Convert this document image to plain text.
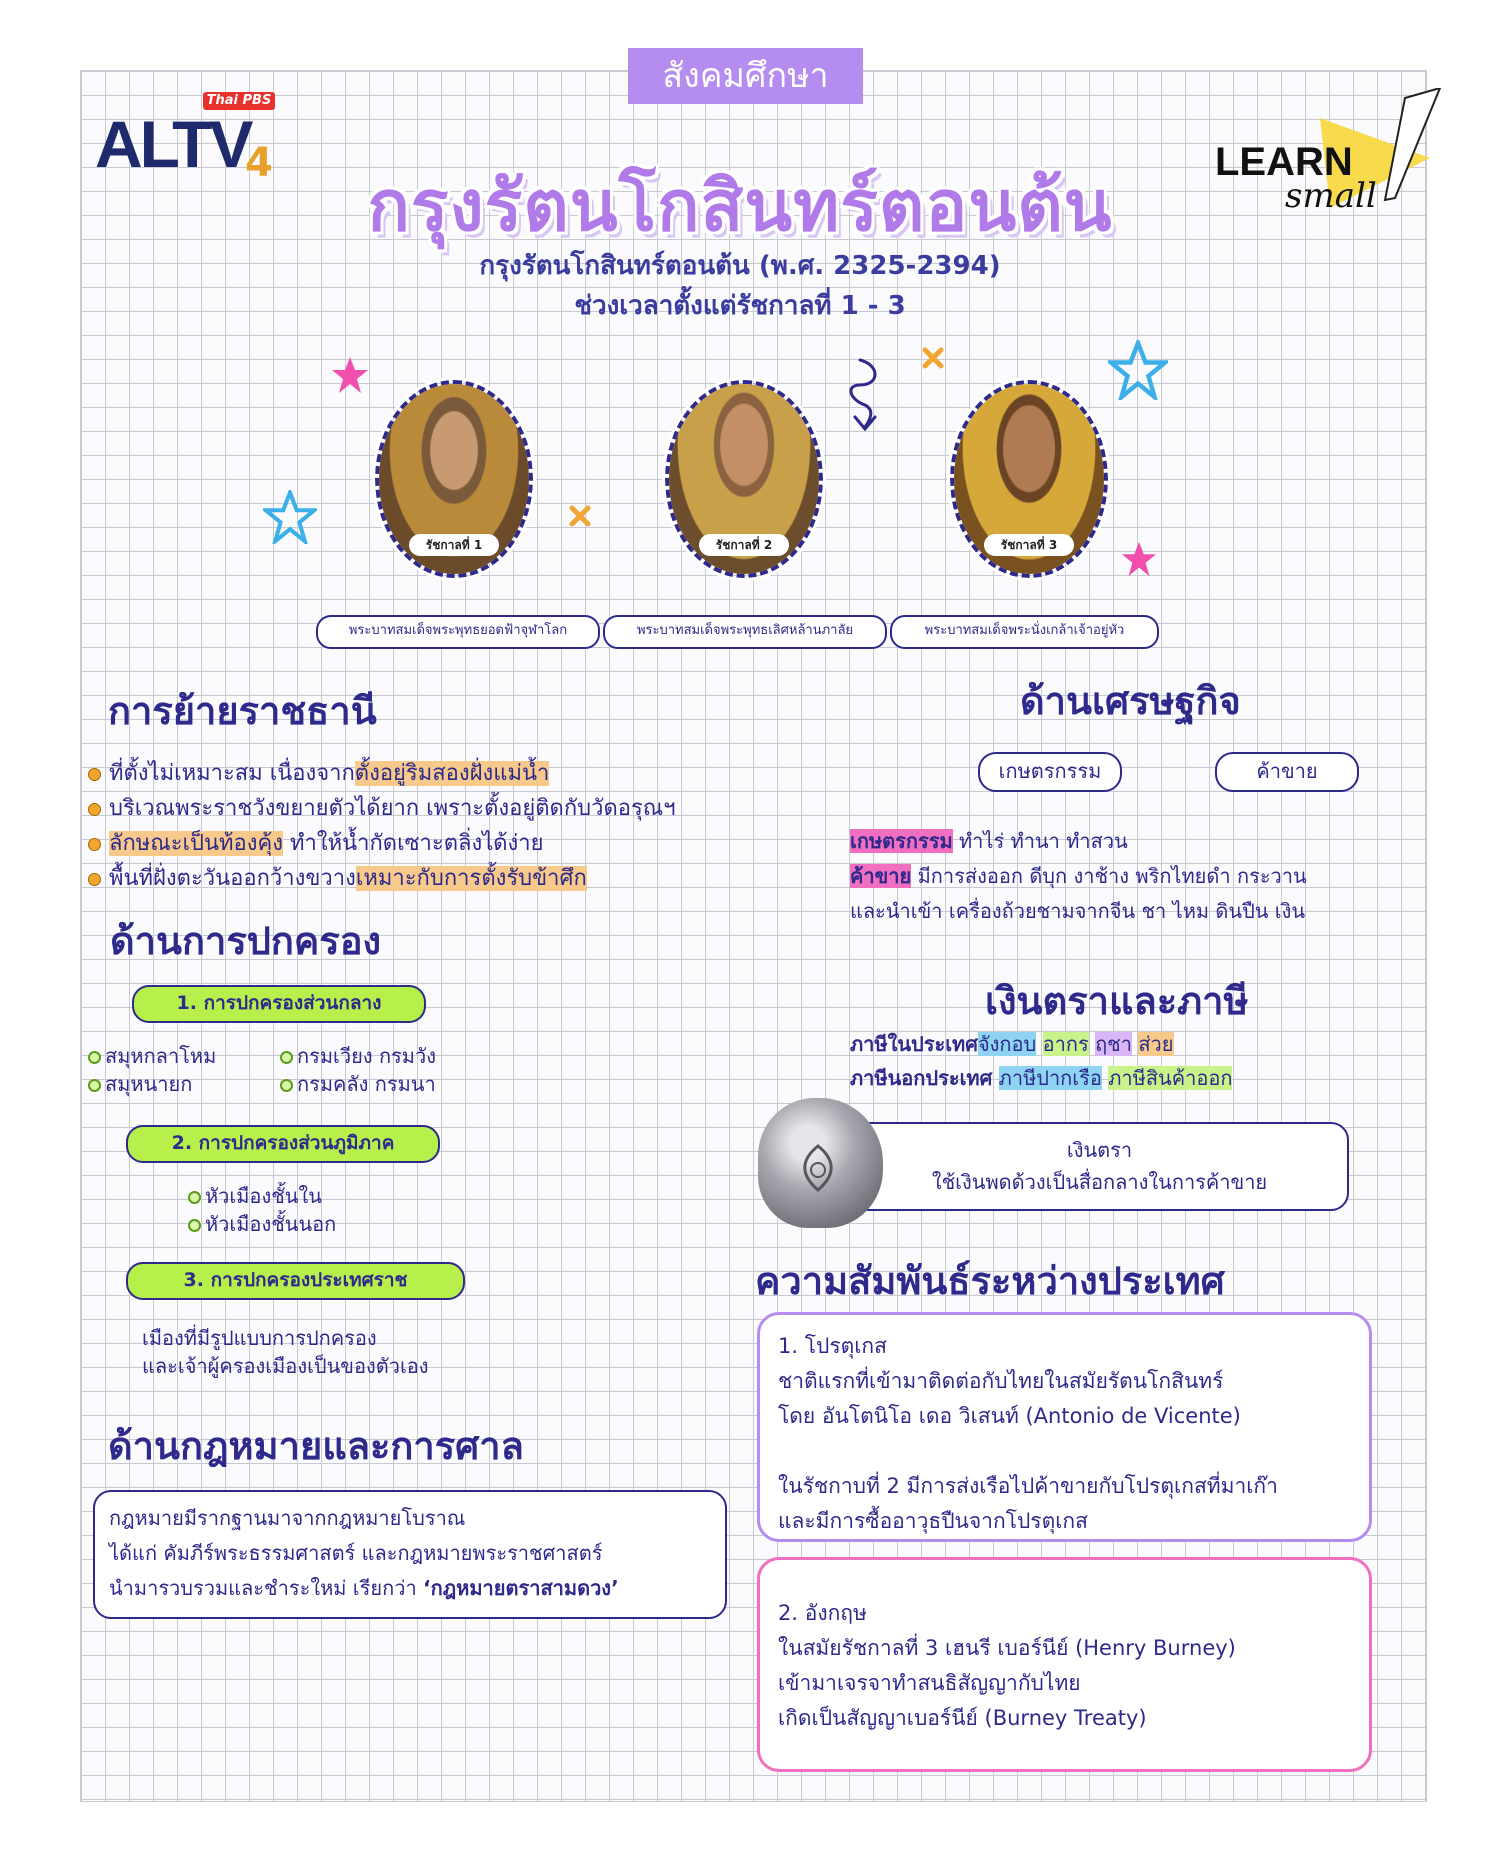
สังคมศึกษา
Thai PBS
ALTV
4	LEARN
small
กรุงรัตนโกสินทร์ตอนต้น
กรุงรัตนโกสินทร์ตอนต้น (พ.ศ. 2325-2394)
ช่วงเวลาตั้งแต่รัชกาลที่ 1 - 3
รัชกาลที่ 1	รัชกาลที่ 2	รัชกาลที่ 3
พระบาทสมเด็จพระพุทธยอดฟ้าจุฬาโลก	พระบาทสมเด็จพระพุทธเลิศหล้านภาลัย	พระบาทสมเด็จพระนั่งเกล้าเจ้าอยู่หัว
การย้ายราชธานี
ที่ตั้งไม่เหมาะสม เนื่องจากตั้งอยู่ริมสองฝั่งแม่น้ำ
บริเวณพระราชวังขยายตัวได้ยาก เพราะตั้งอยู่ติดกับวัดอรุณฯ
ลักษณะเป็นท้องคุ้ง ทำให้น้ำกัดเซาะตลิ่งได้ง่าย
พื้นที่ฝั่งตะวันออกว้างขวางเหมาะกับการตั้งรับข้าศึก
ด้านการปกครอง
1. การปกครองส่วนกลาง
สมุหกลาโหม
สมุหนายก
กรมเวียง กรมวัง
กรมคลัง กรมนา
2. การปกครองส่วนภูมิภาค
หัวเมืองชั้นใน
หัวเมืองชั้นนอก
3. การปกครองประเทศราช
เมืองที่มีรูปแบบการปกครอง
และเจ้าผู้ครองเมืองเป็นของตัวเอง
ด้านกฎหมายและการศาล
กฎหมายมีรากฐานมาจากกฎหมายโบราณ
ได้แก่ คัมภีร์พระธรรมศาสตร์ และกฎหมายพระราชศาสตร์
นำมารวบรวมและชำระใหม่ เรียกว่า ‘กฎหมายตราสามดวง’
ด้านเศรษฐกิจ
เกษตรกรรม	ค้าขาย
เกษตรกรรม ทำไร่ ทำนา ทำสวน
ค้าขาย มีการส่งออก ดีบุก งาช้าง พริกไทยดำ กระวาน
และนำเข้า เครื่องถ้วยชามจากจีน ชา ไหม ดินปืน เงิน
เงินตราและภาษี
ภาษีในประเทศจังกอบ อากร ฤชา ส่วย
ภาษีนอกประเทศ ภาษีปากเรือ ภาษีสินค้าออก
เงินตรา
ใช้เงินพดด้วงเป็นสื่อกลางในการค้าขาย
ความสัมพันธ์ระหว่างประเทศ
1. โปรตุเกส
ชาติแรกที่เข้ามาติดต่อกับไทยในสมัยรัตนโกสินทร์
โดย อันโตนิโอ เดอ วิเสนท์ (Antonio de Vicente)
ในรัชกาบที่ 2 มีการส่งเรือไปค้าขายกับโปรตุเกสที่มาเก๊า
และมีการซื้ออาวุธปืนจากโปรตุเกส
2. อังกฤษ
ในสมัยรัชกาลที่ 3 เฮนรี เบอร์นีย์ (Henry Burney)
เข้ามาเจรจาทำสนธิสัญญากับไทย
เกิดเป็นสัญญาเบอร์นีย์ (Burney Treaty)
